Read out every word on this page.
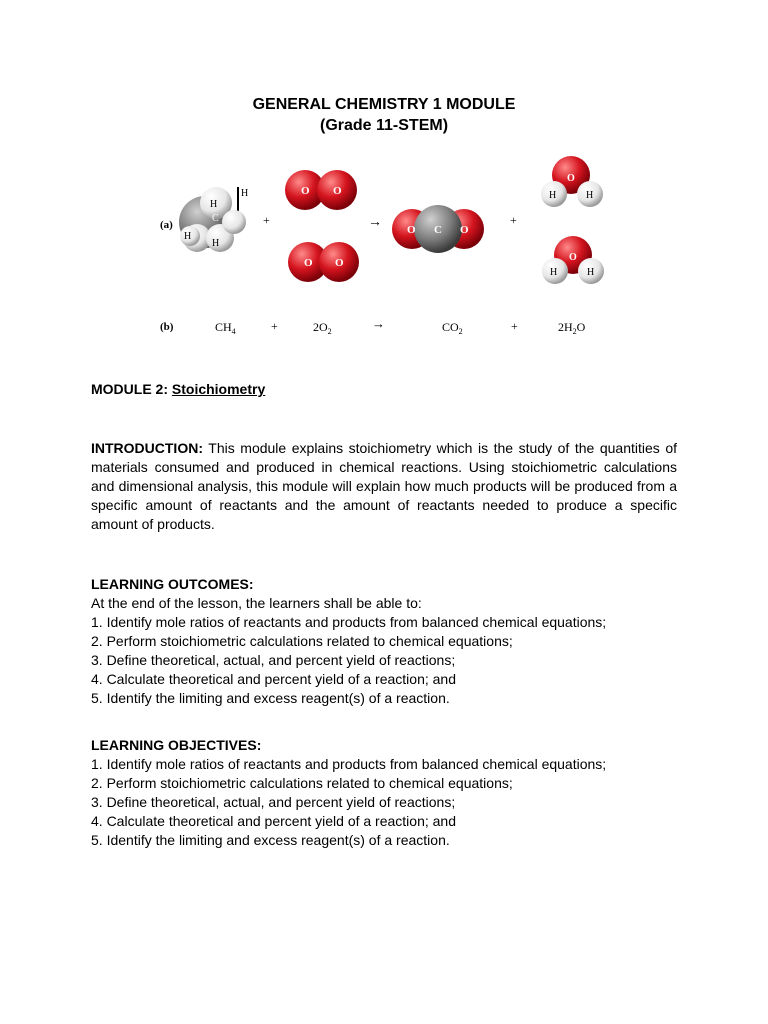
GENERAL CHEMISTRY 1 MODULE
(Grade 11-STEM)
(a)
H
C
H
H
H
+
O O
O O
→ O C O
+
O
H	H
O
H	H
(b)	$CH_4$	+	$2O_2$
→	$CO_2$	+	$2H_2O$
MODULE 2: Stoichiometry
INTRODUCTION: This module explains stoichiometry which is the study of the quantities of materials consumed and produced in chemical reactions. Using stoichiometric calculations and dimensional analysis, this module will explain how much products will be produced from a specific amount of reactants and the amount of reactants needed to produce a specific amount of products.
LEARNING OUTCOMES:
At the end of the lesson, the learners shall be able to:
1. Identify mole ratios of reactants and products from balanced chemical equations;
2. Perform stoichiometric calculations related to chemical equations;
3. Define theoretical, actual, and percent yield of reactions;
4. Calculate theoretical and percent yield of a reaction; and
5. Identify the limiting and excess reagent(s) of a reaction.
LEARNING OBJECTIVES:
1. Identify mole ratios of reactants and products from balanced chemical equations;
2. Perform stoichiometric calculations related to chemical equations;
3. Define theoretical, actual, and percent yield of reactions;
4. Calculate theoretical and percent yield of a reaction; and
5. Identify the limiting and excess reagent(s) of a reaction.
